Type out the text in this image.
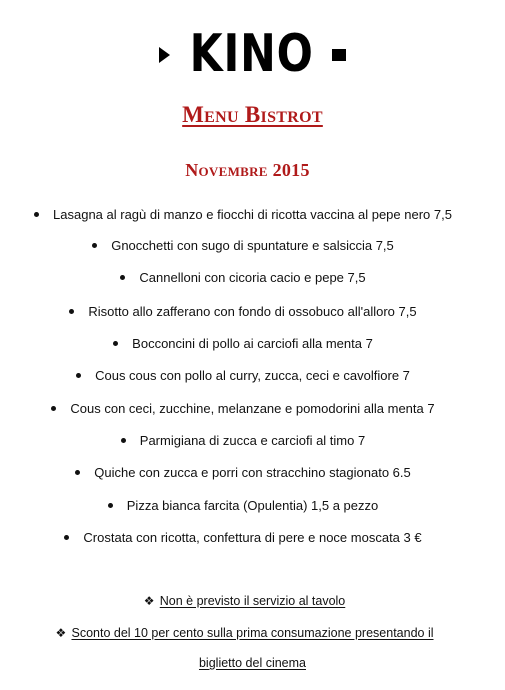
KINO
Menu Bistrot
Novembre 2015
Lasagna al ragù di manzo e fiocchi di ricotta vaccina al pepe nero 7,5
Gnocchetti con sugo di spuntature e salsiccia 7,5
Cannelloni con cicoria cacio e pepe 7,5
Risotto allo zafferano con fondo di ossobuco all'alloro 7,5
Bocconcini di pollo ai carciofi alla menta 7
Cous cous con pollo al curry, zucca, ceci e cavolfiore 7
Cous con ceci, zucchine, melanzane e pomodorini alla menta 7
Parmigiana di zucca e carciofi al timo 7
Quiche con zucca e porri con stracchino stagionato 6.5
Pizza bianca farcita (Opulentia) 1,5 a pezzo
Crostata con ricotta, confettura di pere e noce moscata 3 €
❖ Non è previsto il servizio al tavolo
❖ Sconto del 10 per cento sulla prima consumazione presentando il
biglietto del cinema
